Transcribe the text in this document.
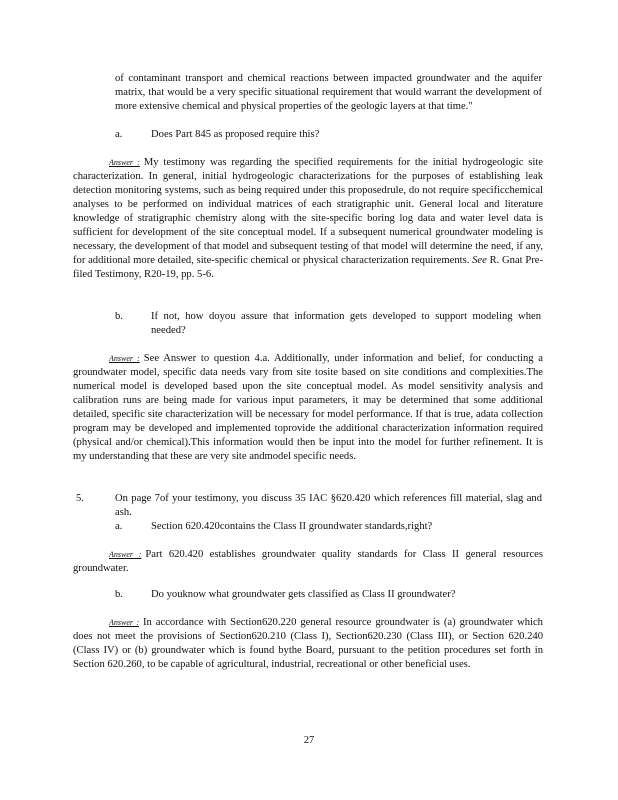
of contaminant transport and chemical reactions between impacted groundwater and the aquifer matrix, that would be a very specific situational requirement that would warrant the development of more extensive chemical and physical properties of the geologic layers at that time."
a.	Does Part 845 as proposed require this?
Answer : My testimony was regarding the specified requirements for the initial hydrogeologic site characterization. In general, initial hydrogeologic characterizations for the purposes of establishing leak detection monitoring systems, such as being required under this proposedrule, do not require specificchemical analyses to be performed on individual matrices of each stratigraphic unit. General local and literature knowledge of stratigraphic chemistry along with the site-specific boring log data and water level data is sufficient for development of the site conceptual model. If a subsequent numerical groundwater modeling is necessary, the development of that model and subsequent testing of that model will determine the need, if any, for additional more detailed, site-specific chemical or physical characterization requirements. See R. Gnat Pre-filed Testimony, R20-19, pp. 5-6.
b.	If not, how doyou assure that information gets developed to support modeling when needed?
Answer : See Answer to question 4.a. Additionally, under information and belief, for conducting a groundwater model, specific data needs vary from site tosite based on site conditions and complexities.The numerical model is developed based upon the site conceptual model. As model sensitivity analysis and calibration runs are being made for various input parameters, it may be determined that some additional detailed, specific site characterization will be necessary for model performance. If that is true, adata collection program may be developed and implemented toprovide the additional characterization information required (physical and/or chemical).This information would then be input into the model for further refinement. It is my understanding that these are very site andmodel specific needs.
5.	On page 7of your testimony, you discuss 35 IAC §620.420 which references fill material, slag and ash.
a.	Section 620.420contains the Class II groundwater standards,right?
Answer : Part 620.420 establishes groundwater quality standards for Class II general resources groundwater.
b.	Do youknow what groundwater gets classified as Class II groundwater?
Answer : In accordance with Section620.220 general resource groundwater is (a) groundwater which does not meet the provisions of Section620.210 (Class I), Section620.230 (Class III), or Section 620.240 (Class IV) or (b) groundwater which is found bythe Board, pursuant to the petition procedures set forth in Section 620.260, to be capable of agricultural, industrial, recreational or other beneficial uses.
27
